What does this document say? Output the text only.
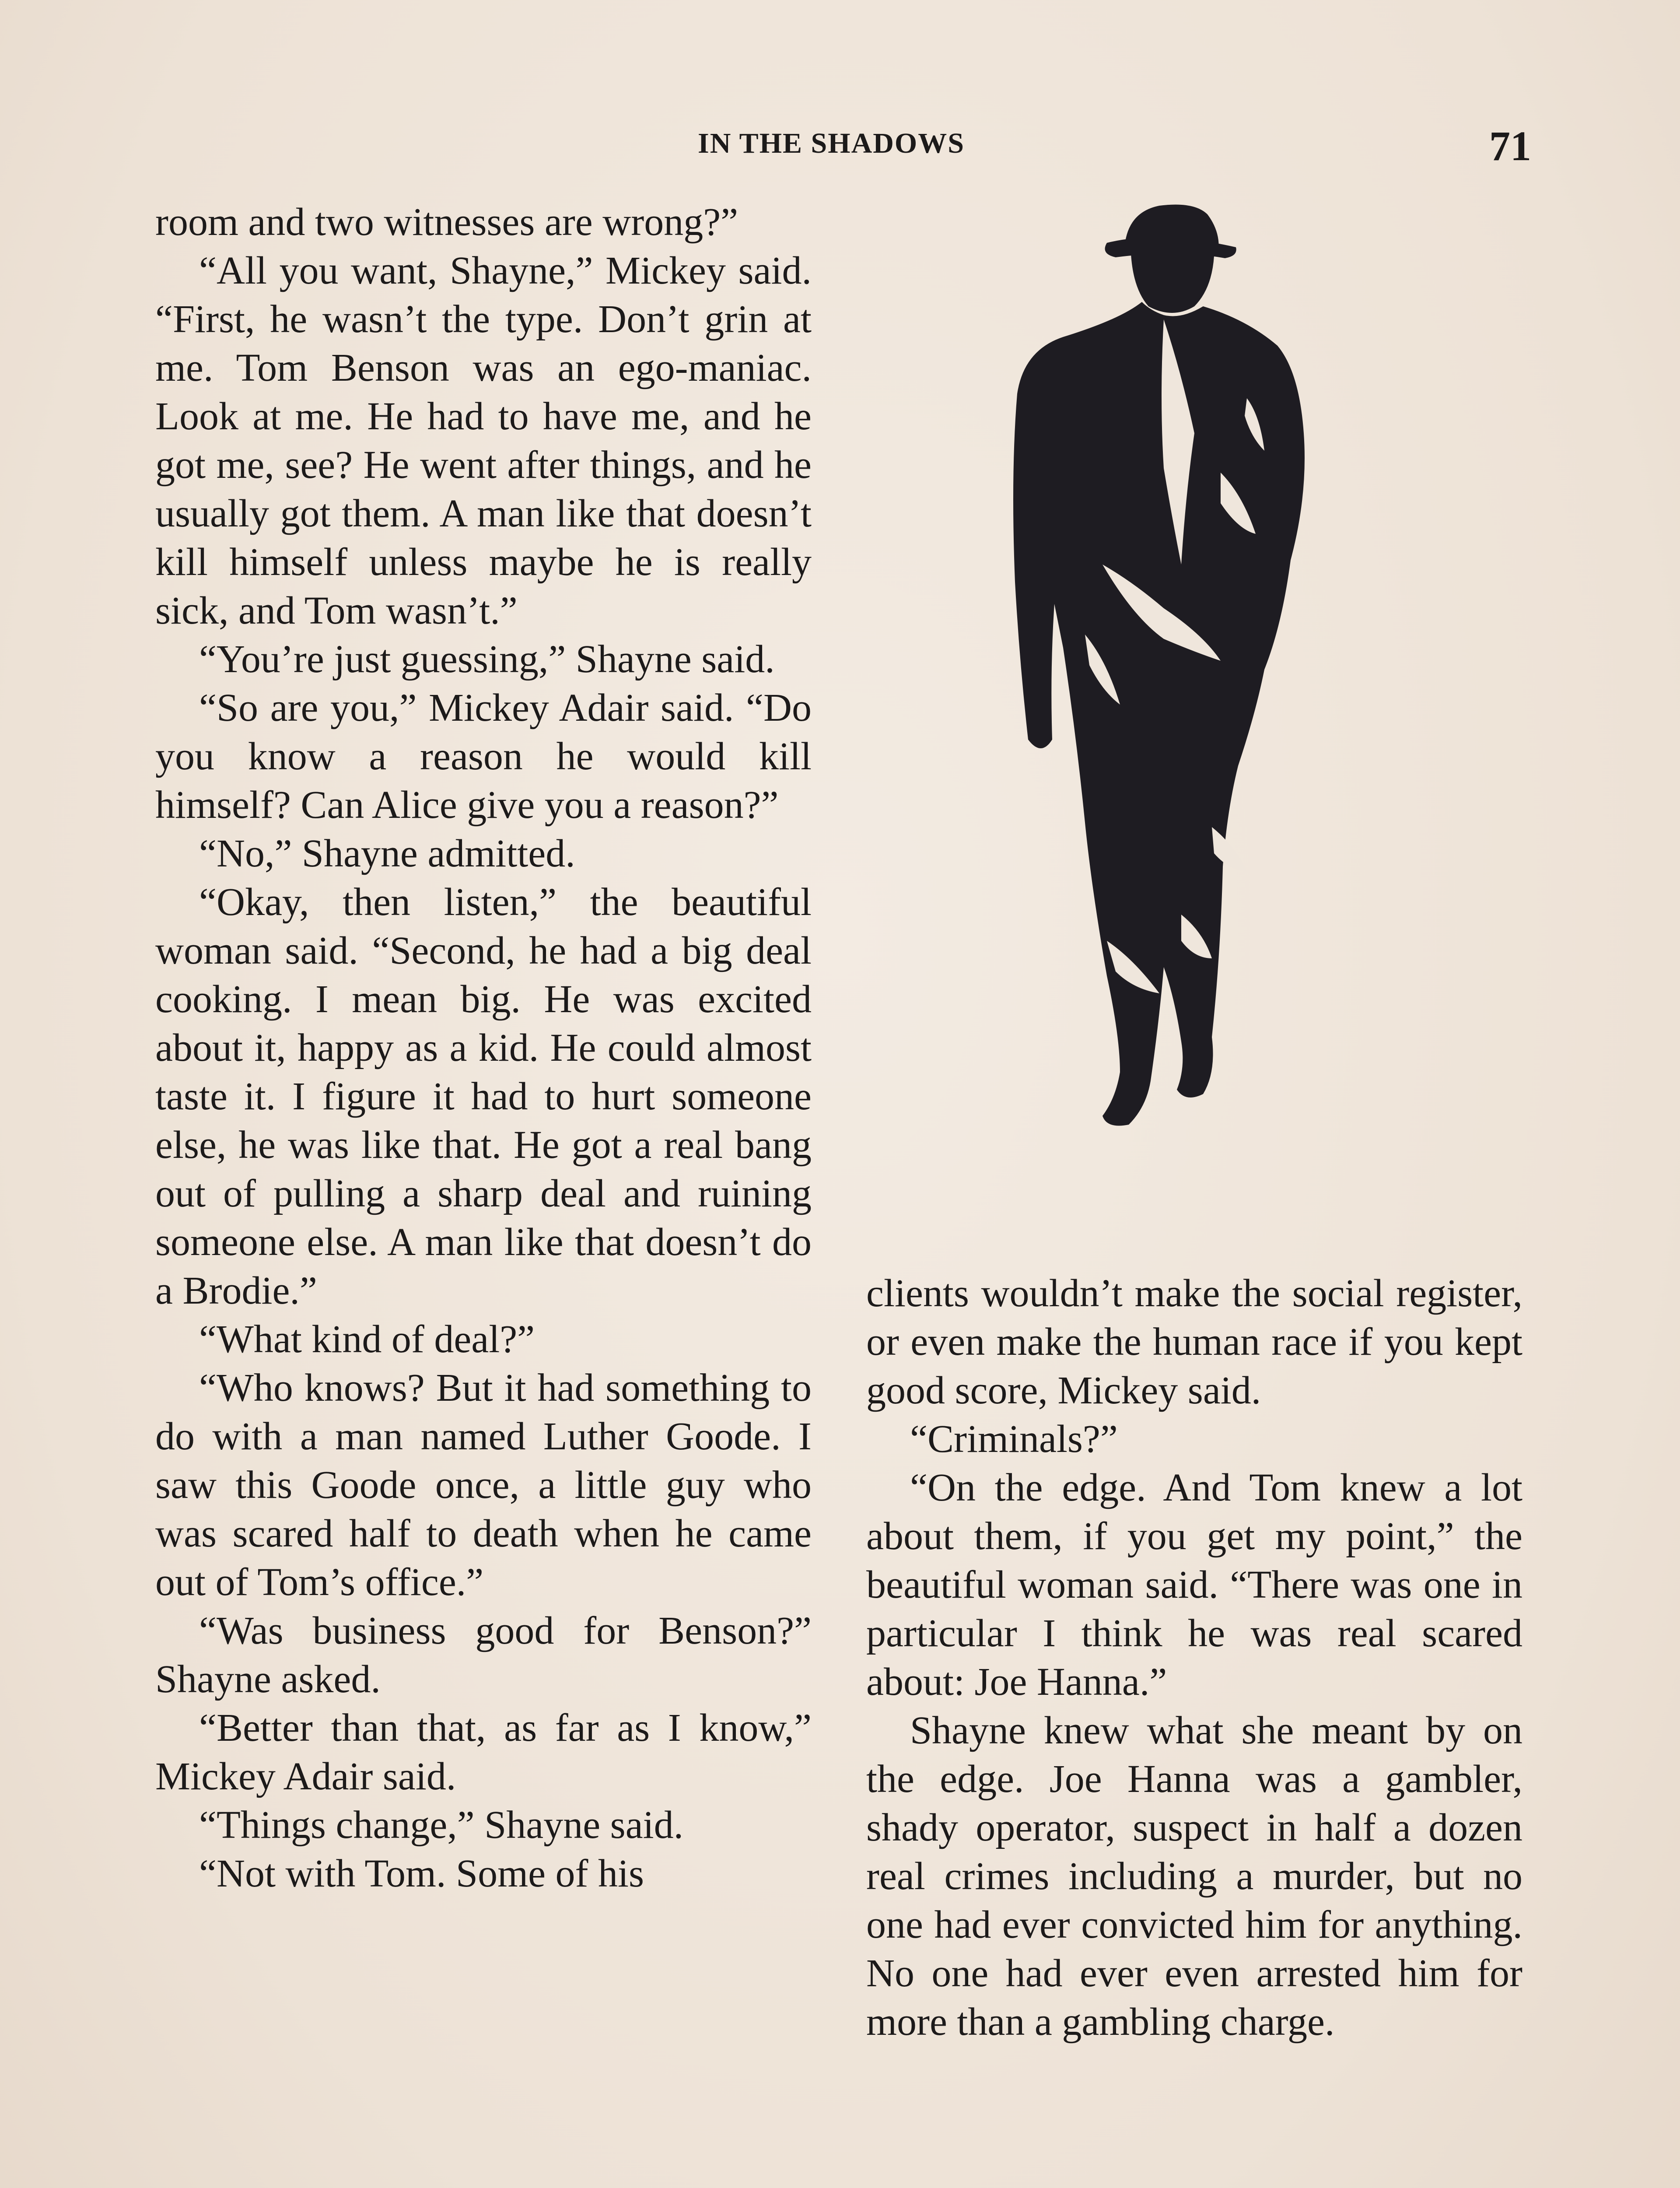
IN THE SHADOWS	71

room and two witnesses are wrong?”

“All you want, Shayne,” Mickey said. “First, he wasn’t the type. Don’t grin at me. Tom Benson was an ego-maniac. Look at me. He had to have me, and he got me, see? He went after things, and he usually got them. A man like that doesn’t kill himself unless maybe he is really sick, and Tom wasn’t.”

“You’re just guessing,” Shayne said.

“So are you,” Mickey Adair said. “Do you know a reason he would kill himself? Can Alice give you a reason?”

“No,” Shayne admitted.

“Okay, then listen,” the beautiful woman said. “Second, he had a big deal cooking. I mean big. He was excited about it, happy as a kid. He could almost taste it. I figure it had to hurt someone else, he was like that. He got a real bang out of pulling a sharp deal and ruining someone else. A man like that doesn’t do a Brodie.”

“What kind of deal?”

“Who knows? But it had something to do with a man named Luther Goode. I saw this Goode once, a little guy who was scared half to death when he came out of Tom’s office.”

“Was business good for Benson?” Shayne asked.

“Better than that, as far as I know,” Mickey Adair said.

“Things change,” Shayne said.

“Not with Tom. Some of his

clients wouldn’t make the social register, or even make the human race if you kept good score, Mickey said.

“Criminals?”

“On the edge. And Tom knew a lot about them, if you get my point,” the beautiful woman said. “There was one in particular I think he was real scared about: Joe Hanna.”

Shayne knew what she meant by on the edge. Joe Hanna was a gambler, shady operator, suspect in half a dozen real crimes including a murder, but no one had ever convicted him for anything. No one had ever even arrested him for more than a gambling charge.
